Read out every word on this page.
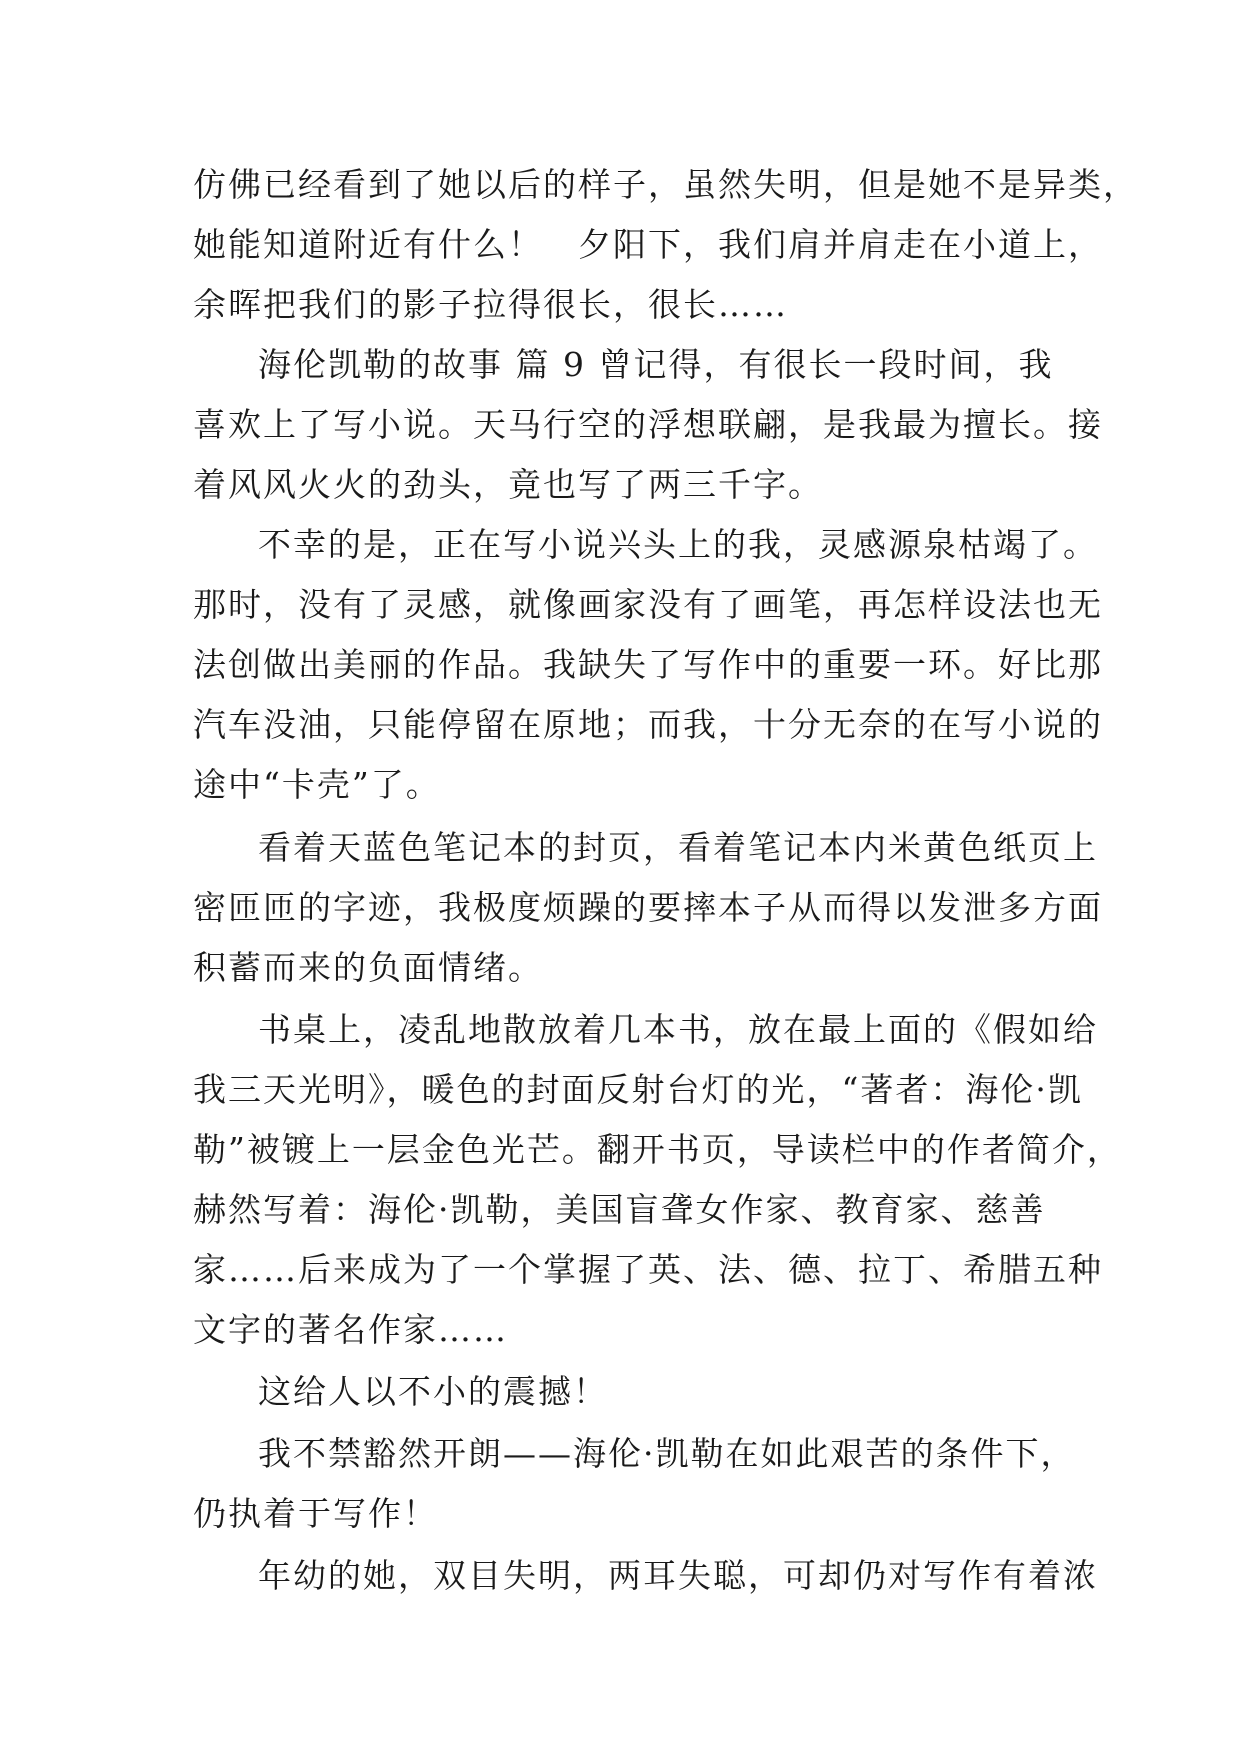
仿佛已经看到了她以后的样子，虽然失明，但是她不是异类，
她能知道附近有什么！　夕阳下，我们肩并肩走在小道上，
余晖把我们的影子拉得很长，很长……
海伦凯勒的故事 篇 9 曾记得，有很长一段时间，我
喜欢上了写小说。天马行空的浮想联翩，是我最为擅长。接
着风风火火的劲头，竟也写了两三千字。
不幸的是，正在写小说兴头上的我，灵感源泉枯竭了。
那时，没有了灵感，就像画家没有了画笔，再怎样设法也无
法创做出美丽的作品。我缺失了写作中的重要一环。好比那
汽车没油，只能停留在原地；而我，十分无奈的在写小说的
途中“卡壳”了。
看着天蓝色笔记本的封页，看着笔记本内米黄色纸页上
密匝匝的字迹，我极度烦躁的要摔本子从而得以发泄多方面
积蓄而来的负面情绪。
书桌上，凌乱地散放着几本书，放在最上面的《假如给
我三天光明》，暖色的封面反射台灯的光，“著者：海伦·凯
勒”被镀上一层金色光芒。翻开书页，导读栏中的作者简介，
赫然写着：海伦·凯勒，美国盲聋女作家、教育家、慈善
家……后来成为了一个掌握了英、法、德、拉丁、希腊五种
文字的著名作家……
这给人以不小的震撼！
我不禁豁然开朗——海伦·凯勒在如此艰苦的条件下，
仍执着于写作！
年幼的她，双目失明，两耳失聪，可却仍对写作有着浓
